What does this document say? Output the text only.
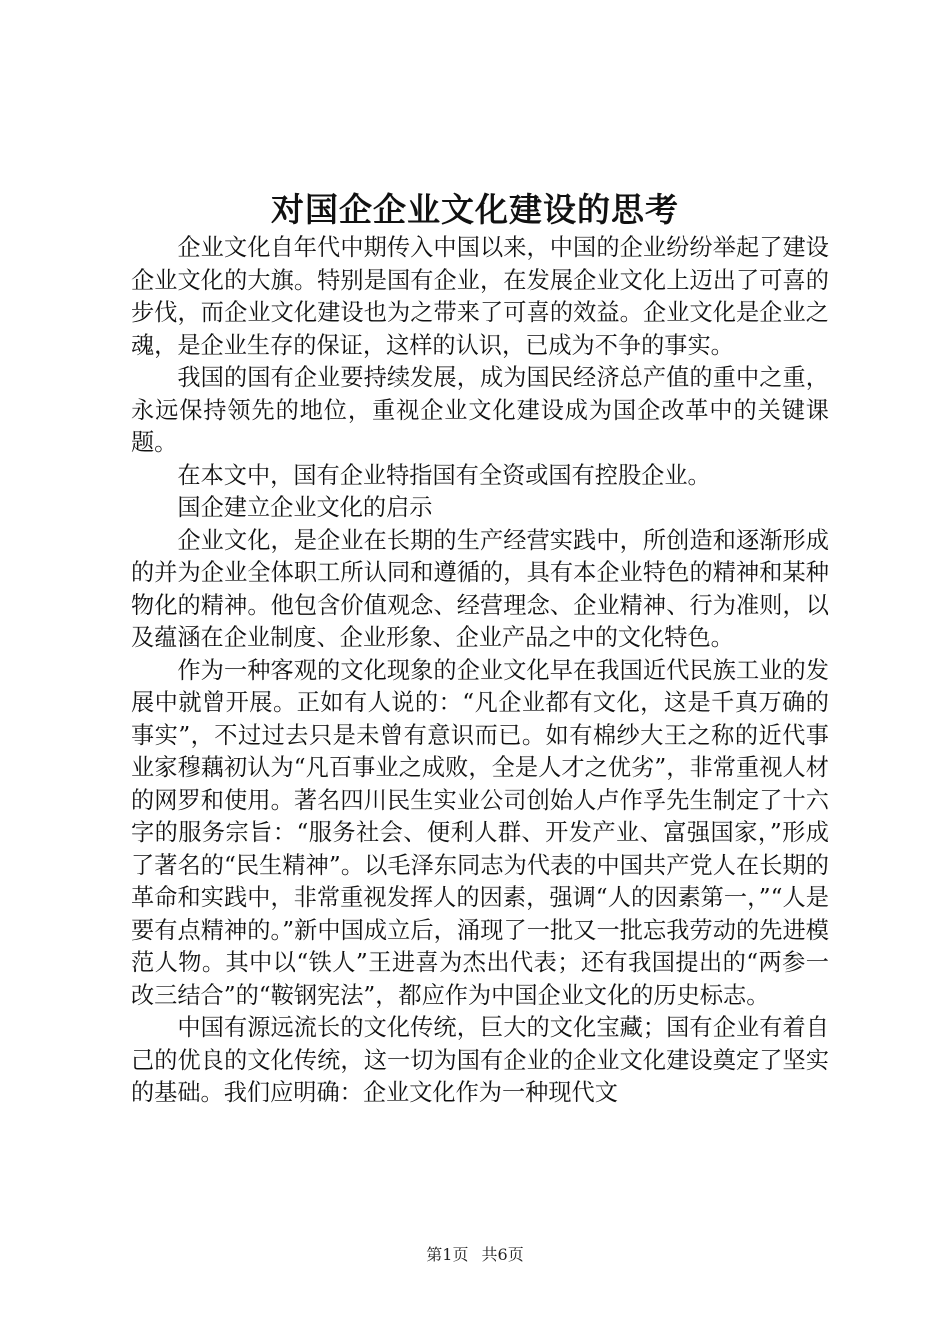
对国企企业文化建设的思考

企业文化自年代中期传入中国以来，中国的企业纷纷举起了建设企业文化的大旗。特别是国有企业，在发展企业文化上迈出了可喜的步伐，而企业文化建设也为之带来了可喜的效益。企业文化是企业之魂，是企业生存的保证，这样的认识，已成为不争的事实。

我国的国有企业要持续发展，成为国民经济总产值的重中之重，永远保持领先的地位，重视企业文化建设成为国企改革中的关键课题。

在本文中，国有企业特指国有全资或国有控股企业。

国企建立企业文化的启示

企业文化，是企业在长期的生产经营实践中，所创造和逐渐形成的并为企业全体职工所认同和遵循的，具有本企业特色的精神和某种物化的精神。他包含价值观念、经营理念、企业精神、行为准则，以及蕴涵在企业制度、企业形象、企业产品之中的文化特色。

作为一种客观的文化现象的企业文化早在我国近代民族工业的发展中就曾开展。正如有人说的：“凡企业都有文化，这是千真万确的事实”，不过过去只是未曾有意识而已。如有棉纱大王之称的近代事业家穆藕初认为“凡百事业之成败，全是人才之优劣”，非常重视人材的网罗和使用。著名四川民生实业公司创始人卢作孚先生制定了十六字的服务宗旨：“服务社会、便利人群、开发产业、富强国家，”形成了著名的“民生精神”。以毛泽东同志为代表的中国共产党人在长期的革命和实践中，非常重视发挥人的因素，强调“人的因素第一，”“人是要有点精神的。”新中国成立后，涌现了一批又一批忘我劳动的先进模范人物。其中以“铁人”王进喜为杰出代表；还有我国提出的“两参一改三结合”的“鞍钢宪法”，都应作为中国企业文化的历史标志。

中国有源远流长的文化传统，巨大的文化宝藏；国有企业有着自己的优良的文化传统，这一切为国有企业的企业文化建设奠定了坚实的基础。我们应明确：企业文化作为一种现代文

第1页 共6页
